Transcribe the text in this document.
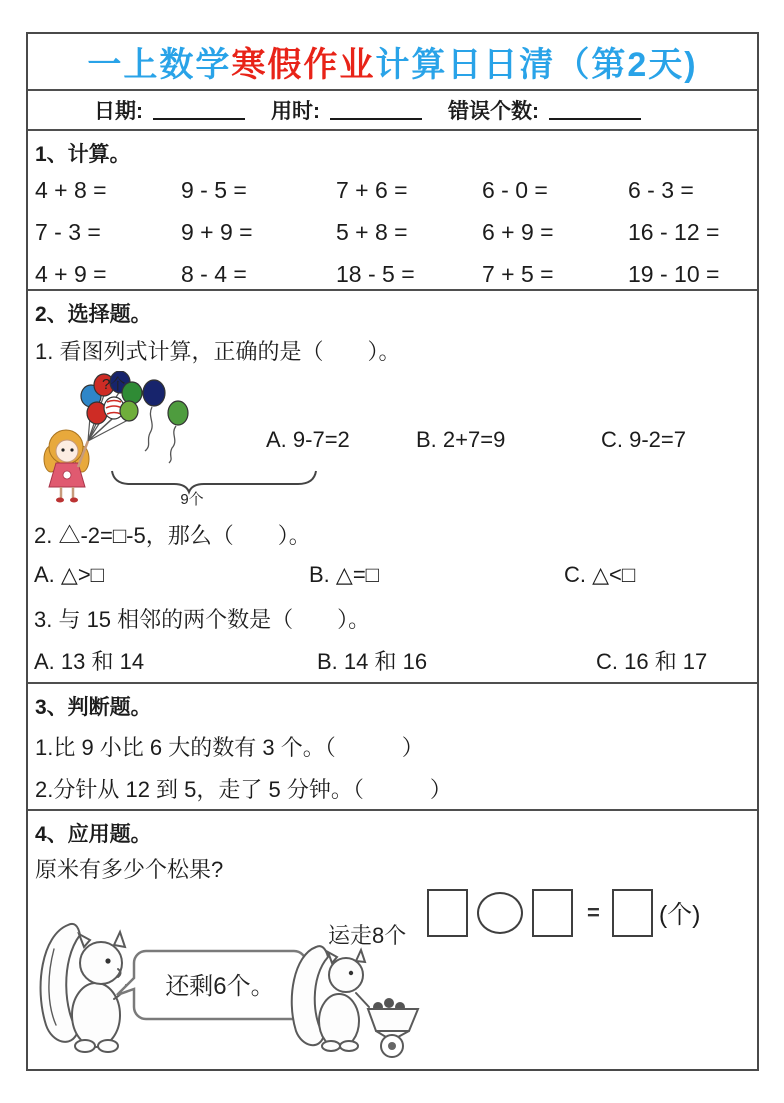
一上数学 寒假作业 计算日日清（第2天)
日期:	用时:	错误个数:
1、计算。
4 + 8 =	9 - 5 =	7 + 6 =	6 - 0 =	6 - 3 =
7 - 3 =	9 + 9 =	5 + 8 =	6 + 9 =	16 - 12 =
4 + 9 =	8 - 4 =	18 - 5 =	7 + 5 =	19 - 10 =
2、选择题。
1. 看图列式计算，正确的是（　　）。
?个
9个
A. 9-7=2	B. 2+7=9	C. 9-2=7
2. △-2=□-5，那么（　　）。
A. △>□	B. △=□	C. △<□
3. 与 15 相邻的两个数是（　　）。
A. 13 和 14	B. 14 和 16	C. 16 和 17
3、判断题。
1.比 9 小比 6 大的数有 3 个。（　　　）
2.分针从 12 到 5，走了 5 分钟。（　　　）
4、应用题。
原米有多少个松果?
= (个)
还剩6个。
运走8个
